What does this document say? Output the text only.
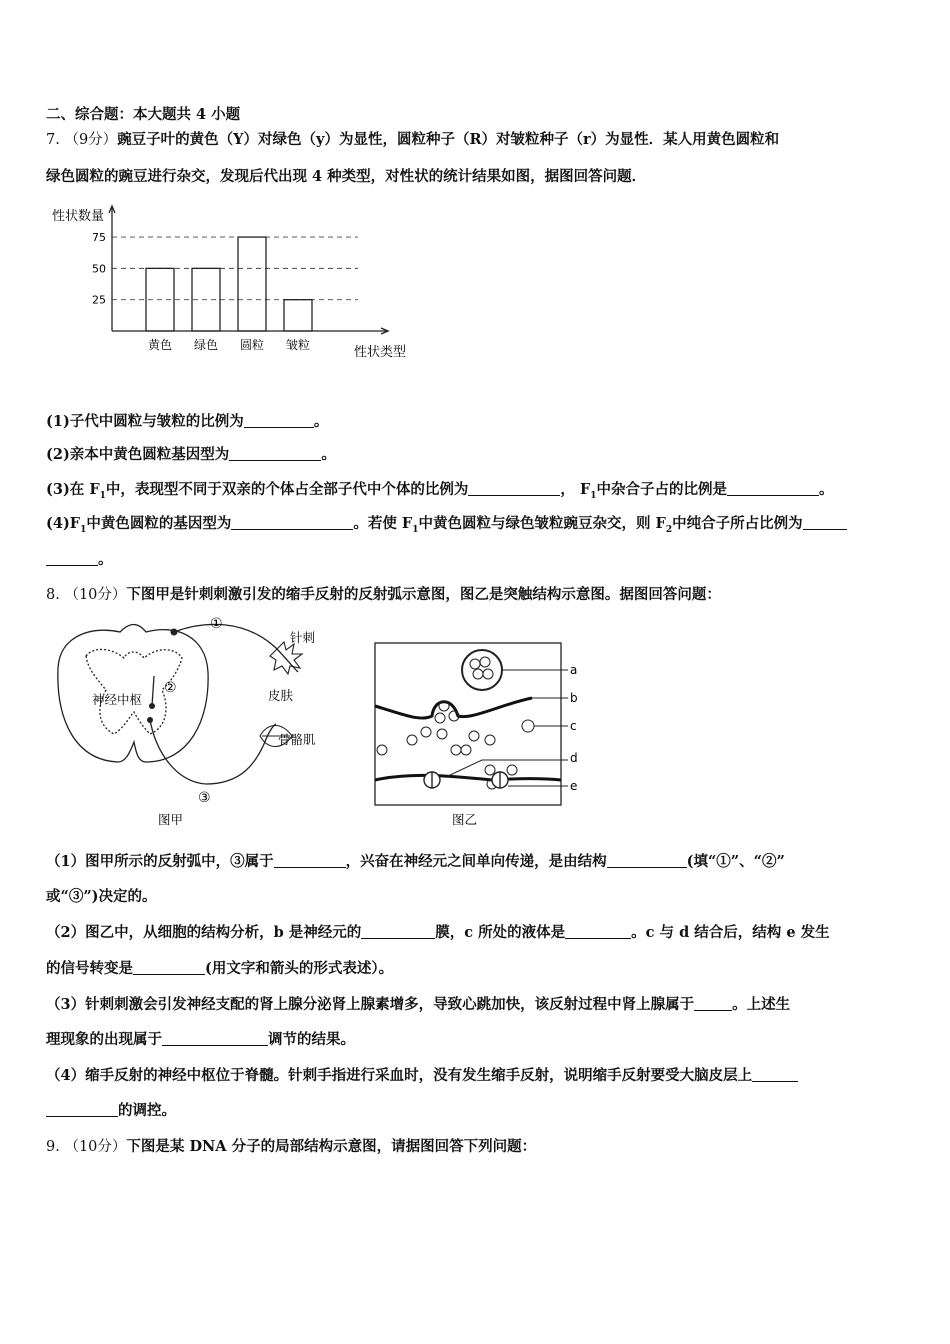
二、综合题：本大题共 4 小题
7. （9分）豌豆子叶的黄色（Y）对绿色（y）为显性，圆粒种子（R）对皱粒种子（r）为显性．某人用黄色圆粒和
绿色圆粒的豌豆进行杂交，发现后代出现 4 种类型，对性状的统计结果如图，据图回答问题．
25
50
75
黄色 绿色 圆粒 皱粒
性状数量
性状类型
(1)子代中圆粒与皱粒的比例为	。
(2)亲本中黄色圆粒基因型为	。
(3)在 $F_1$中，表现型不同于双亲的个体占全部子代中个体的比例为	， $F_1$中杂合子占的比例是	。
$(4)F_1$中黄色圆粒的基因型为	。若使 $F_1$中黄色圆粒与绿色皱粒豌豆杂交，则 $F_2$中纯合子所占比例为
。
8. （10分）下图甲是针刺刺激引发的缩手反射的反射弧示意图，图乙是突触结构示意图。据图回答问题：
神经中枢
针刺
皮肤
骨骼肌
①
②
③
图甲
a
b
c
d
e
图乙
（1）图甲所示的反射弧中，③属于	，兴奋在神经元之间单向传递，是由结构	(填“①”、“②”
或“③”)决定的。
（2）图乙中，从细胞的结构分析，b 是神经元的	膜，c 所处的液体是	。c 与 d 结合后，结构 e 发生
的信号转变是	(用文字和箭头的形式表述）。
（3）针刺刺激会引发神经支配的肾上腺分泌肾上腺素增多，导致心跳加快，该反射过程中肾上腺属于	。上述生
理现象的出现属于	调节的结果。
（4）缩手反射的神经中枢位于脊髓。针刺手指进行采血时，没有发生缩手反射，说明缩手反射要受大脑皮层上
的调控。
9. （10分）下图是某 DNA 分子的局部结构示意图，请据图回答下列问题：
